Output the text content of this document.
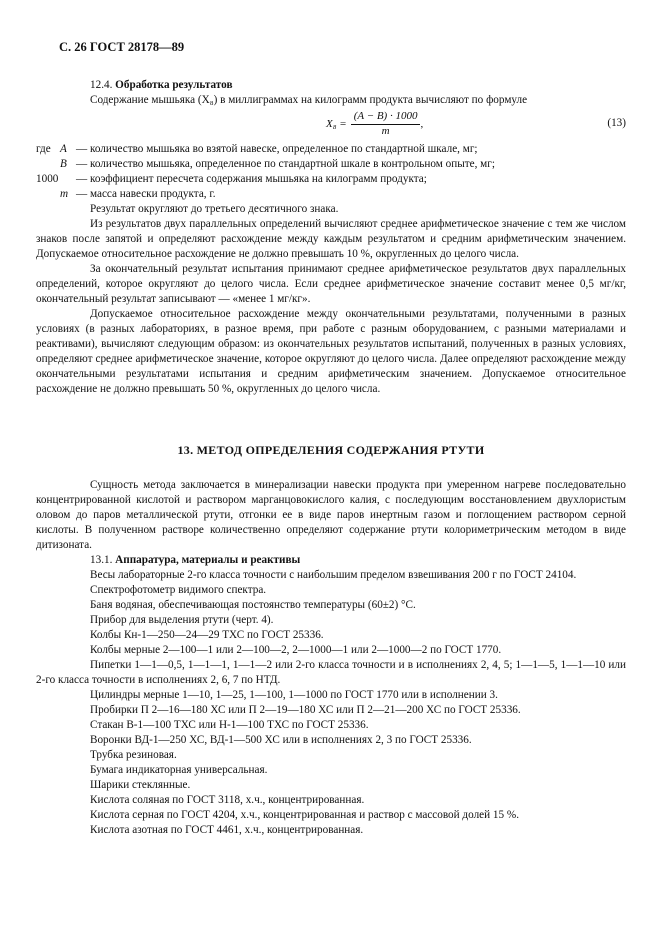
С. 26 ГОСТ 28178—89

12.4. Обработка результатов

Содержание мышьяка (X₈) в миллиграммах на килограмм продукта вычисляют по формуле

$X_8 = \frac{(A - B) \cdot 1000}{m}$ ,	(13)
где A — количество мышьяка во взятой навеске, определенное по стандартной шкале, мг;
B — количество мышьяка, определенное по стандартной шкале в контрольном опыте, мг;
1000 — коэффициент пересчета содержания мышьяка на килограмм продукта;
m — масса навески продукта, г.

Результат округляют до третьего десятичного знака.

Из результатов двух параллельных определений вычисляют среднее арифметическое значение с тем же числом знаков после запятой и определяют расхождение между каждым результатом и средним арифметическим значением. Допускаемое относительное расхождение не должно превышать 10 %, округленных до целого числа.

За окончательный результат испытания принимают среднее арифметическое результатов двух параллельных определений, которое округляют до целого числа. Если среднее арифметическое значение составит менее 0,5 мг/кг, окончательный результат записывают — «менее 1 мг/кг».

Допускаемое относительное расхождение между окончательными результатами, полученными в разных условиях (в разных лабораториях, в разное время, при работе с разным оборудованием, с разными материалами и реактивами), вычисляют следующим образом: из окончательных результатов испытаний, полученных в разных условиях, определяют среднее арифметическое значение, которое округляют до целого числа. Далее определяют расхождение между окончательными результатами испытания и средним арифметическим значением. Допускаемое относительное расхождение не должно превышать 50 %, округленных до целого числа.

13. МЕТОД ОПРЕДЕЛЕНИЯ СОДЕРЖАНИЯ РТУТИ

Сущность метода заключается в минерализации навески продукта при умеренном нагреве последовательно концентрированной кислотой и раствором марганцовокислого калия, с последующим восстановлением двухлористым оловом до паров металлической ртути, отгонки ее в виде паров инертным газом и поглощением раствором серной кислоты. В полученном растворе количественно определяют содержание ртути колориметрическим методом в виде дитизоната.

13.1. Аппаратура, материалы и реактивы

Весы лабораторные 2-го класса точности с наибольшим пределом взвешивания 200 г по ГОСТ 24104.

Спектрофотометр видимого спектра.

Баня водяная, обеспечивающая постоянство температуры (60±2) °С.

Прибор для выделения ртути (черт. 4).

Колбы Кн-1—250—24—29 ТХС по ГОСТ 25336.

Колбы мерные 2—100—1 или 2—100—2, 2—1000—1 или 2—1000—2 по ГОСТ 1770.

Пипетки 1—1—0,5, 1—1—1, 1—1—2 или 2-го класса точности и в исполнениях 2, 4, 5; 1—1—5, 1—1—10 или 2-го класса точности в исполнениях 2, 6, 7 по НТД.

Цилиндры мерные 1—10, 1—25, 1—100, 1—1000 по ГОСТ 1770 или в исполнении 3.

Пробирки П 2—16—180 ХС или П 2—19—180 ХС или П 2—21—200 ХС по ГОСТ 25336.

Стакан В-1—100 ТХС или Н-1—100 ТХС по ГОСТ 25336.

Воронки ВД-1—250 ХС, ВД-1—500 ХС или в исполнениях 2, 3 по ГОСТ 25336.

Трубка резиновая.

Бумага индикаторная универсальная.

Шарики стеклянные.

Кислота соляная по ГОСТ 3118, х.ч., концентрированная.

Кислота серная по ГОСТ 4204, х.ч., концентрированная и раствор с массовой долей 15 %.

Кислота азотная по ГОСТ 4461, х.ч., концентрированная.
